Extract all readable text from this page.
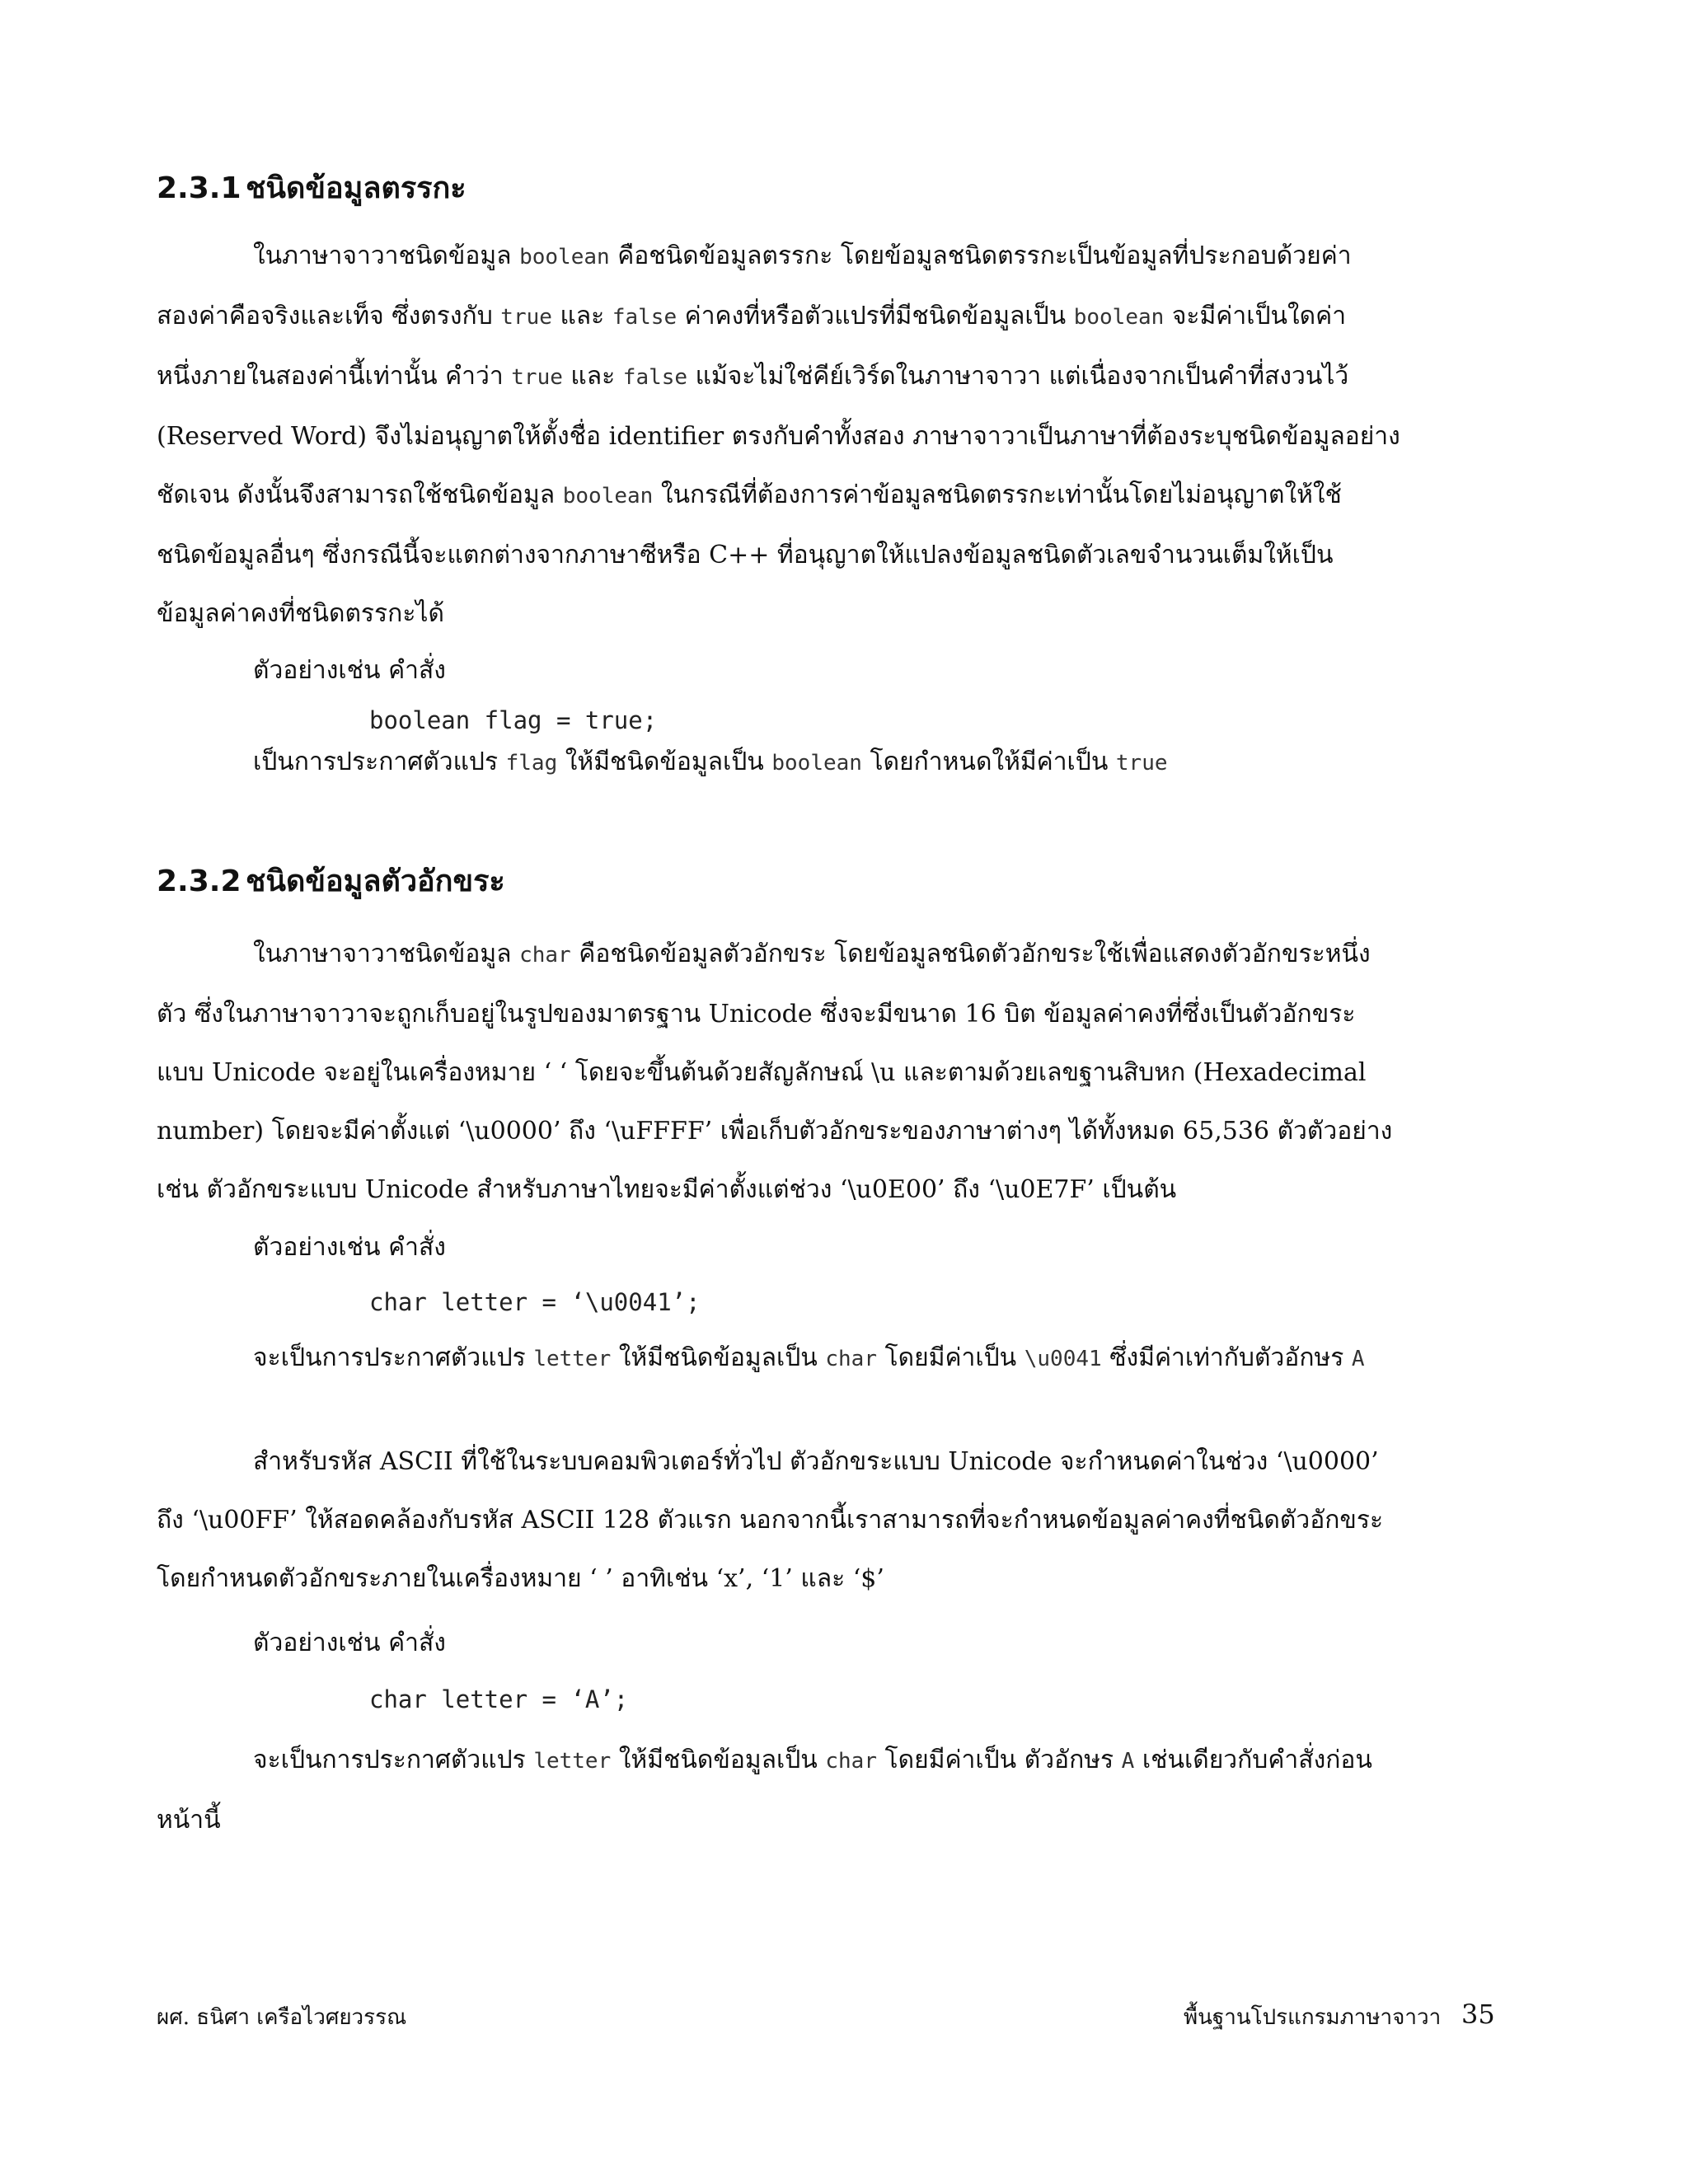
2.3.1 ชนิดข้อมูลตรรกะ
ในภาษาจาวาชนิดข้อมูล boolean คือชนิดข้อมูลตรรกะ โดยข้อมูลชนิดตรรกะเป็นข้อมูลที่ประกอบด้วยค่า
สองค่าคือจริงและเท็จ ซึ่งตรงกับ true และ false ค่าคงที่หรือตัวแปรที่มีชนิดข้อมูลเป็น boolean จะมีค่าเป็นใดค่า
หนึ่งภายในสองค่านี้เท่านั้น คำว่า true และ false แม้จะไม่ใช่คีย์เวิร์ดในภาษาจาวา แต่เนื่องจากเป็นคำที่สงวนไว้
(Reserved Word) จึงไม่อนุญาตให้ตั้งชื่อ identifier ตรงกับคำทั้งสอง ภาษาจาวาเป็นภาษาที่ต้องระบุชนิดข้อมูลอย่าง
ชัดเจน ดังนั้นจึงสามารถใช้ชนิดข้อมูล boolean ในกรณีที่ต้องการค่าข้อมูลชนิดตรรกะเท่านั้นโดยไม่อนุญาตให้ใช้
ชนิดข้อมูลอื่นๆ ซึ่งกรณีนี้จะแตกต่างจากภาษาซีหรือ C++ ที่อนุญาตให้แปลงข้อมูลชนิดตัวเลขจำนวนเต็มให้เป็น
ข้อมูลค่าคงที่ชนิดตรรกะได้
ตัวอย่างเช่น คำสั่ง
boolean flag = true;
เป็นการประกาศตัวแปร flag ให้มีชนิดข้อมูลเป็น boolean โดยกำหนดให้มีค่าเป็น true
2.3.2 ชนิดข้อมูลตัวอักขระ
ในภาษาจาวาชนิดข้อมูล char คือชนิดข้อมูลตัวอักขระ โดยข้อมูลชนิดตัวอักขระใช้เพื่อแสดงตัวอักขระหนึ่ง
ตัว ซึ่งในภาษาจาวาจะถูกเก็บอยู่ในรูปของมาตรฐาน Unicode ซึ่งจะมีขนาด 16 บิต ข้อมูลค่าคงที่ซึ่งเป็นตัวอักขระ
แบบ Unicode จะอยู่ในเครื่องหมาย ‘ ‘ โดยจะขึ้นต้นด้วยสัญลักษณ์ \u และตามด้วยเลขฐานสิบหก (Hexadecimal
number) โดยจะมีค่าตั้งแต่ ‘\u0000’ ถึง ‘\uFFFF’ เพื่อเก็บตัวอักขระของภาษาต่างๆ ได้ทั้งหมด 65,536 ตัวตัวอย่าง
เช่น ตัวอักขระแบบ Unicode สำหรับภาษาไทยจะมีค่าตั้งแต่ช่วง ‘\u0E00’ ถึง ‘\u0E7F’ เป็นต้น
ตัวอย่างเช่น คำสั่ง
char letter = ‘\u0041’;
จะเป็นการประกาศตัวแปร letter ให้มีชนิดข้อมูลเป็น char โดยมีค่าเป็น \u0041 ซึ่งมีค่าเท่ากับตัวอักษร A
สำหรับรหัส ASCII ที่ใช้ในระบบคอมพิวเตอร์ทั่วไป ตัวอักขระแบบ Unicode จะกำหนดค่าในช่วง ‘\u0000’
ถึง ‘\u00FF’ ให้สอดคล้องกับรหัส ASCII 128 ตัวแรก นอกจากนี้เราสามารถที่จะกำหนดข้อมูลค่าคงที่ชนิดตัวอักขระ
โดยกำหนดตัวอักขระภายในเครื่องหมาย ‘ ’ อาทิเช่น ‘x’, ‘1’ และ ‘$’
ตัวอย่างเช่น คำสั่ง
char letter = ‘A’;
จะเป็นการประกาศตัวแปร letter ให้มีชนิดข้อมูลเป็น char โดยมีค่าเป็น ตัวอักษร A เช่นเดียวกับคำสั่งก่อน
หน้านี้
ผศ. ธนิศา เครือไวศยวรรณ	พื้นฐานโปรแกรมภาษาจาวา 35
